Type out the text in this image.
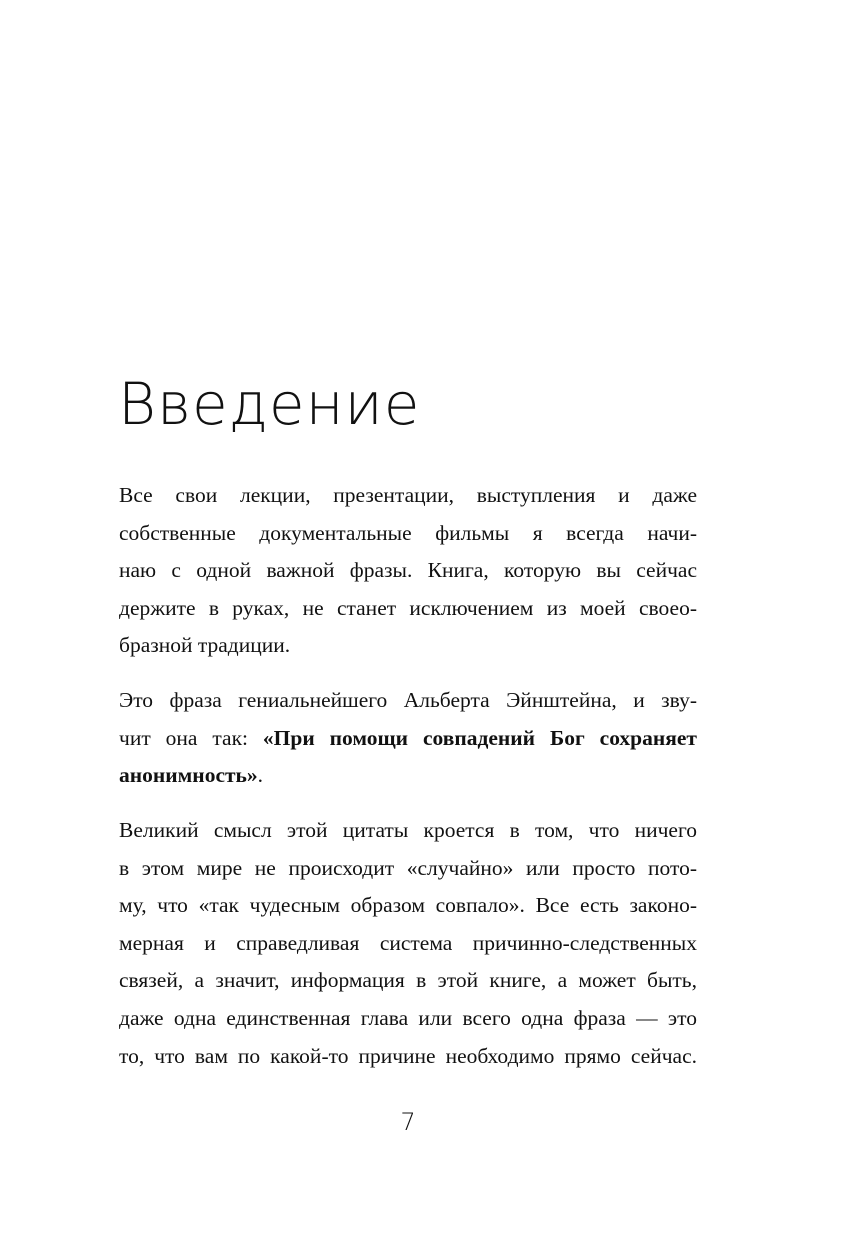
Введение

Все свои лекции, презентации, выступления и даже
собственные документальные фильмы я всегда начи-
наю с одной важной фразы. Книга, которую вы сейчас
держите в руках, не станет исключением из моей своео-
бразной традиции.

Это фраза гениальнейшего Альберта Эйнштейна, и зву-
чит она так: «При помощи совпадений Бог сохраняет
анонимность».

Великий смысл этой цитаты кроется в том, что ничего
в этом мире не происходит «случайно» или просто пото-
му, что «так чудесным образом совпало». Все есть законо-
мерная и справедливая система причинно-следственных
связей, а значит, информация в этой книге, а может быть,
даже одна единственная глава или всего одна фраза — это
то, что вам по какой-то причине необходимо прямо сейчас.

7
